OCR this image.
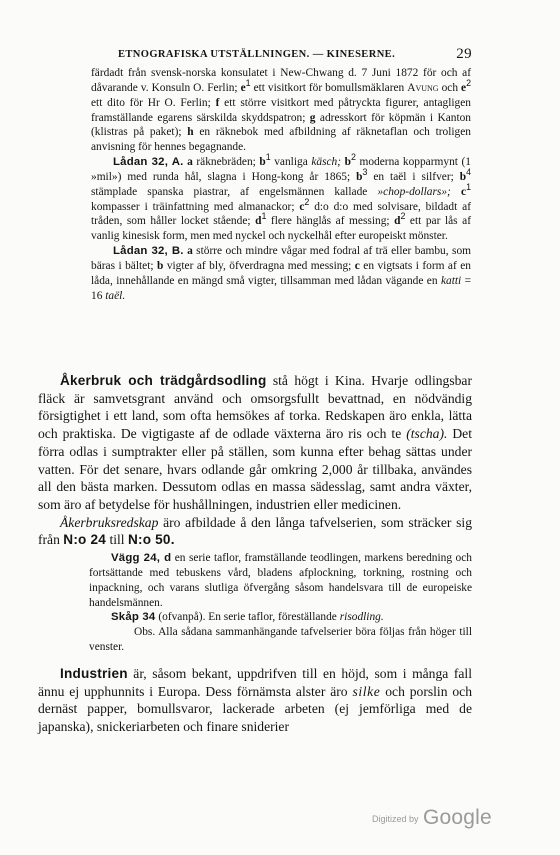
ETNOGRAFISKA UTSTÄLLNINGEN. — KINESERNE.	29

färdadt från svensk-norska konsulatet i New-Chwang d. 7 Juni 1872 för och af dåvarande v. Konsuln O. Ferlin; $e^1$ ett visitkort för bomullsmäklaren Avung och $e^2$ ett dito för Hr O. Ferlin; f ett större visitkort med påtryckta figurer, antagligen framställande egarens särskilda skyddspatron; g adresskort för köpmän i Kanton (klistras på paket); h en räknebok med afbildning af räknetaflan och troligen anvisning för hennes begagnande.

Lådan 32, A. a räknebräden; $b^1$ vanliga käsch; $b^2$ moderna kopparmynt (1 »mil») med runda hål, slagna i Hong-kong år 1865; $b^3$ en taël i silfver; $b^4$ stämplade spanska piastrar, af engelsmännen kallade »chop-dollars»; $c^1$ kompasser i träinfattning med almanackor; $c^2$ d:o d:o med solvisare, bildadt af tråden, som håller locket stående; $d^1$ flere hänglås af messing; $d^2$ ett par lås af vanlig kinesisk form, men med nyckel och nyckelhål efter europeiskt mönster.

Lådan 32, B. a större och mindre vågar med fodral af trä eller bambu, som bäras i bältet; b vigter af bly, öfverdragna med messing; c en vigtsats i form af en låda, innehållande en mängd små vigter, tillsamman med lådan vägande en katti = 16 taël.

Åkerbruk och trädgårdsodling stå högt i Kina. Hvarje odlingsbar fläck är samvetsgrant använd och omsorgsfullt bevattnad, en nödvändig försigtighet i ett land, som ofta hemsökes af torka. Redskapen äro enkla, lätta och praktiska. De vigtigaste af de odlade växterna äro ris och te (tscha). Det förra odlas i sumptrakter eller på ställen, som kunna efter behag sättas under vatten. För det senare, hvars odlande går omkring 2,000 år tillbaka, användes all den bästa marken. Dessutom odlas en massa sädesslag, samt andra växter, som äro af betydelse för hushållningen, industrien eller medicinen.

Åkerbruksredskap äro afbildade å den långa tafvelserien, som sträcker sig från N:o 24 till N:o 50.

Vägg 24, d en serie taflor, framställande teodlingen, markens beredning och fortsättande med tebuskens vård, bladens afplockning, torkning, rostning och inpackning, och varans slutliga öfvergång såsom handelsvara till de europeiske handelsmännen.

Skåp 34 (ofvanpå). En serie taflor, föreställande risodling.

Obs. Alla sådana sammanhängande tafvelserier böra följas från höger till venster.

Industrien är, såsom bekant, uppdrifven till en höjd, som i många fall ännu ej upphunnits i Europa. Dess förnämsta alster äro silke och porslin och dernäst papper, bomullsvaror, lackerade arbeten (ej jemförliga med de japanska), snickeriarbeten och finare sniderier

Digitized by Google
